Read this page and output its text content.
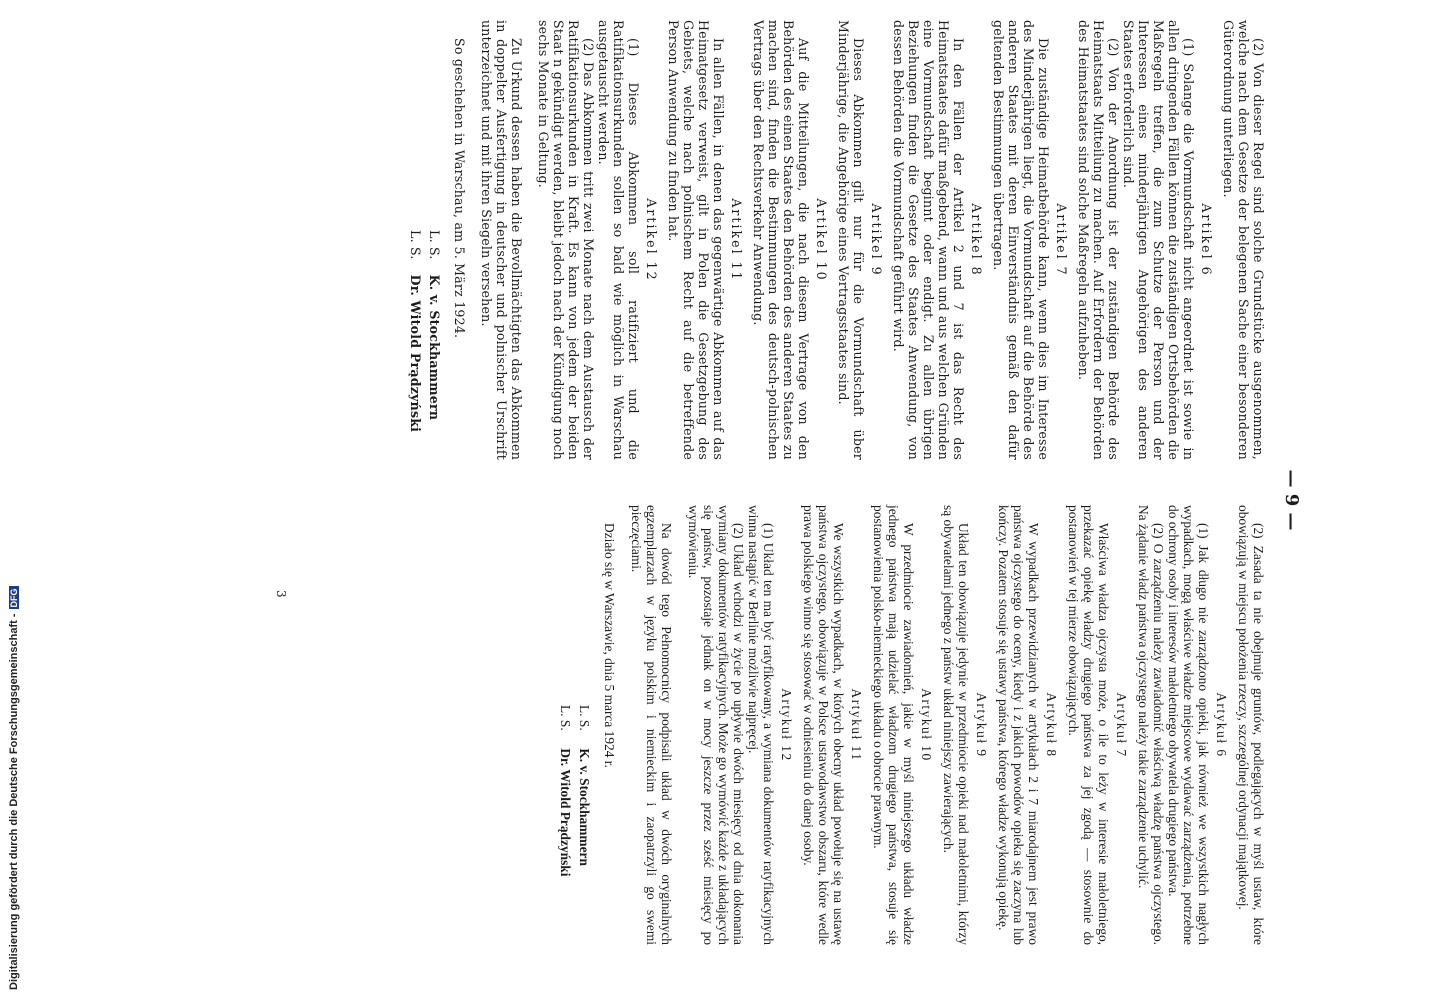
— 9 —

(2) Von dieser Regel sind solche Grundstücke ausgenommen, welche nach dem Gesetze der belegenen Sache einer besonderen Güterordnung unterliegen.

Artikel 6

(1) Solange die Vormundschaft nicht angeordnet ist sowie in allen dringenden Fällen können die zuständigen Ortsbehörden die Maßregeln treffen, die zum Schutze der Person und der Interessen eines minderjährigen Angehörigen des anderen Staates erforderlich sind.

(2) Von der Anordnung ist der zuständigen Behörde des Heimatstaats Mitteilung zu machen. Auf Erfordern der Behörden des Heimatstaates sind solche Maßregeln aufzuheben.

Artikel 7

Die zuständige Heimatbehörde kann, wenn dies im Interesse des Minderjährigen liegt, die Vormundschaft auf die Behörde des anderen Staates mit deren Einverständnis gemäß den dafür geltenden Bestimmungen übertragen.

Artikel 8

In den Fällen der Artikel 2 und 7 ist das Recht des Heimatstaates dafür maßgebend, wann und aus welchen Gründen eine Vormundschaft beginnt oder endigt. Zu allen übrigen Beziehungen finden die Gesetze des Staates Anwendung, von dessen Behörden die Vormundschaft geführt wird.

Artikel 9

Dieses Abkommen gilt nur für die Vormundschaft über Minderjährige, die Angehörige eines Vertragsstaates sind.

Artikel 10

Auf die Mitteilungen, die nach diesem Vertrage von den Behörden des einen Staates den Behörden des anderen Staates zu machen sind, finden die Bestimmungen des deutsch-polnischen Vertrags über den Rechtsverkehr Anwendung.

Artikel 11

In allen Fällen, in denen das gegenwärtige Abkommen auf das Heimatgesetz verweist, gilt in Polen die Gesetzgebung des Gebiets, welche nach polnischem Recht auf die betreffende Person Anwendung zu finden hat.

Artikel 12

(1) Dieses Abkommen soll ratifiziert und die Ratifikationsurkunden sollen so bald wie möglich in Warschau ausgetauscht werden.

(2) Das Abkommen tritt zwei Monate nach dem Austausch der Ratifikationsurkunden in Kraft. Es kann von jedem der beiden Staat n gekündigt werden, bleibt jedoch nach der Kündigung noch sechs Monate in Geltung.

Zu Urkund dessen haben die Bevollmächtigten das Abkommen in doppelter Ausfertigung in deutscher und polnischer Urschrift unterzeichnet und mit ihren Siegeln versehen.

So geschehen in Warschau, am 5. März 1924.

L. S. K. v. Stockhammern
L. S. Dr. Witold Prądzyński

(2) Zasada ta nie obejmuje gruntów, podlegających w myśl ustaw, które obowiązują w miejscu położenia rzeczy, szczególnej ordynacji majątkowej.

Artykuł 6

(1) Jak długo nie zarządzono opieki, jak również we wszystkich nagłych wypadkach, mogą właściwe władze miejscowe wydawać zarządzenia, potrzebne do ochrony osoby i interesów małoletniego obywatela drugiego państwa.

(2) O zarządzeniu należy zawiadomić właściwą władzę państwa ojczystego. Na żądanie władz państwa ojczystego należy takie zarządzenie uchylić.

Artykuł 7

Właściwa władza ojczysta może, o ile to leży w interesie małoletniego, przekazać opiekę władzy drugiego państwa za jej zgodą — stosownie do postanowień w tej mierze obowiązujących.

Artykuł 8

W wypadkach przewidzianych w artykułach 2 i 7 miarodajnem jest prawo państwa ojczystego do oceny, kiedy i z jakich powodów opieka się zaczyna lub kończy. Pozatem stosuje się ustawy państwa, którego władze wykonują opiekę.

Artykuł 9

Układ ten obowiązuje jedynie w przedmiocie opieki nad małoletnimi, którzy są obywatelami jednego z państw układ niniejszy zawierających.

Artykuł 10

W przedmiocie zawiadomień, jakie w myśl niniejszego układu władze jednego państwa mają udzielać władzom drugiego państwa, stosuje się postanowienia polsko-niemieckiego układu o obrocie prawnym.

Artykuł 11

We wszystkich wypadkach, w których obecny układ powołuje się na ustawę państwa ojczystego, obowiązuje w Polsce ustawodawstwo obszaru, które wedle prawa polskiego winno się stosować w odniesieniu do danej osoby.

Artykuł 12

(1) Układ ten ma być ratyfikowany, a wymiana dokumentów ratyfikacyjnych winna nastąpić w Berlinie możliwie najpręcej.

(2) Układ wchodzi w życie po upływie dwóch miesięcy od dnia dokonania wymiany dokumentów ratyfikacyjnych. Może go wymówić każde z układających się państw, pozostaje jednak on w mocy jeszcze przez sześć miesięcy po wymówieniu.

Na dowód tego Pełnomocnicy podpisali układ w dwóch oryginalnych egzemplarzach w języku polskim i niemieckim i zaopatrzyli go swemi pieczęciami.

Działo się w Warszawie, dnia 5 marca 1924 r.

L. S. K. v. Stockhammern
L. S. Dr. Witold Prądzyński
3
Digitalisierung gefördert durch die Deutsche Forschungsgemeinschaft -DFG
